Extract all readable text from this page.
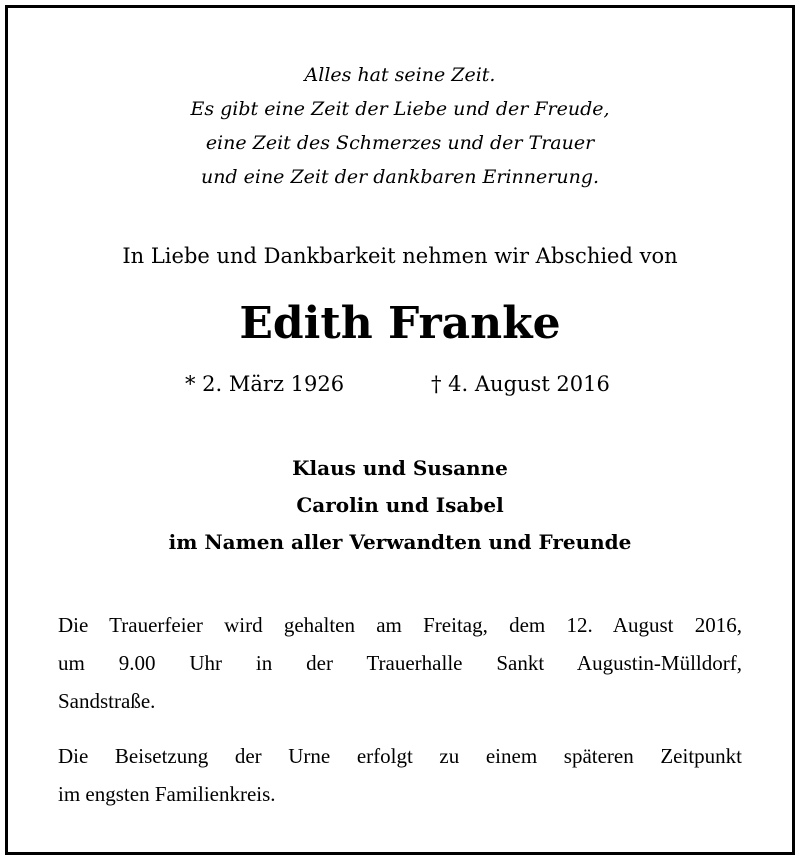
Alles hat seine Zeit.
Es gibt eine Zeit der Liebe und der Freude,
eine Zeit des Schmerzes und der Trauer
und eine Zeit der dankbaren Erinnerung.
In Liebe und Dankbarkeit nehmen wir Abschied von
Edith Franke
* 2. März 1926	† 4. August 2016
Klaus und Susanne
Carolin und Isabel
im Namen aller Verwandten und Freunde
Die Trauerfeier wird gehalten am Freitag, dem 12. August 2016,
um 9.00 Uhr in der Trauerhalle Sankt Augustin-Mülldorf,
Sandstraße.
Die Beisetzung der Urne erfolgt zu einem späteren Zeitpunkt
im engsten Familienkreis.
